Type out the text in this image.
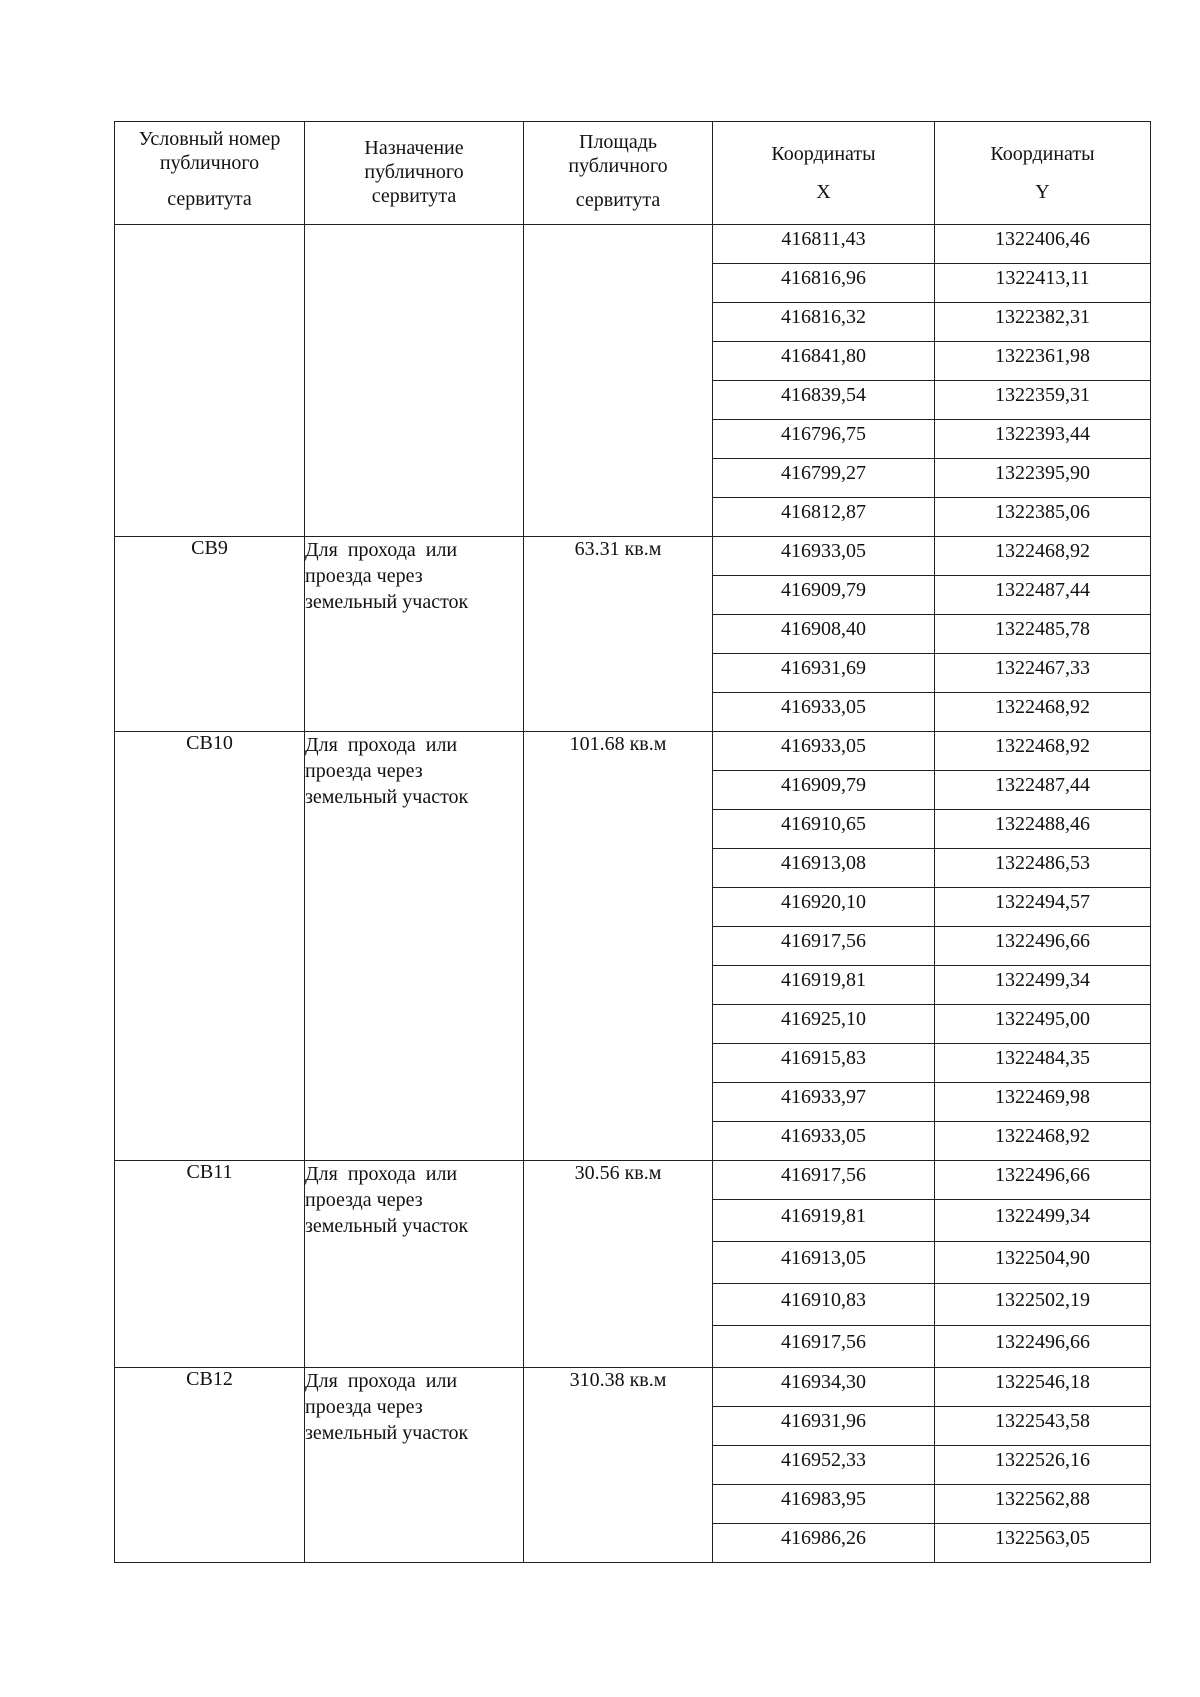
Условный номер
публичного
сервитута	Назначение
публичного
сервитута	Площадь
публичного
сервитута	Координаты
X	Координаты
Y

			416811,43	1322406,46
			416816,96	1322413,11
			416816,32	1322382,31
			416841,80	1322361,98
			416839,54	1322359,31
			416796,75	1322393,44
			416799,27	1322395,90
			416812,87	1322385,06
СВ9	Для  прохода  или
проезда через
земельный участок	63.31 кв.м	416933,05	1322468,92
			416909,79	1322487,44
			416908,40	1322485,78
			416931,69	1322467,33
			416933,05	1322468,92
СВ10	Для  прохода  или
проезда через
земельный участок	101.68 кв.м	416933,05	1322468,92
			416909,79	1322487,44
			416910,65	1322488,46
			416913,08	1322486,53
			416920,10	1322494,57
			416917,56	1322496,66
			416919,81	1322499,34
			416925,10	1322495,00
			416915,83	1322484,35
			416933,97	1322469,98
			416933,05	1322468,92
СВ11	Для  прохода  или
проезда через
земельный участок	30.56 кв.м	416917,56	1322496,66
			416919,81	1322499,34
			416913,05	1322504,90
			416910,83	1322502,19
			416917,56	1322496,66
СВ12	Для  прохода  или
проезда через
земельный участок	310.38 кв.м	416934,30	1322546,18
			416931,96	1322543,58
			416952,33	1322526,16
			416983,95	1322562,88
			416986,26	1322563,05
